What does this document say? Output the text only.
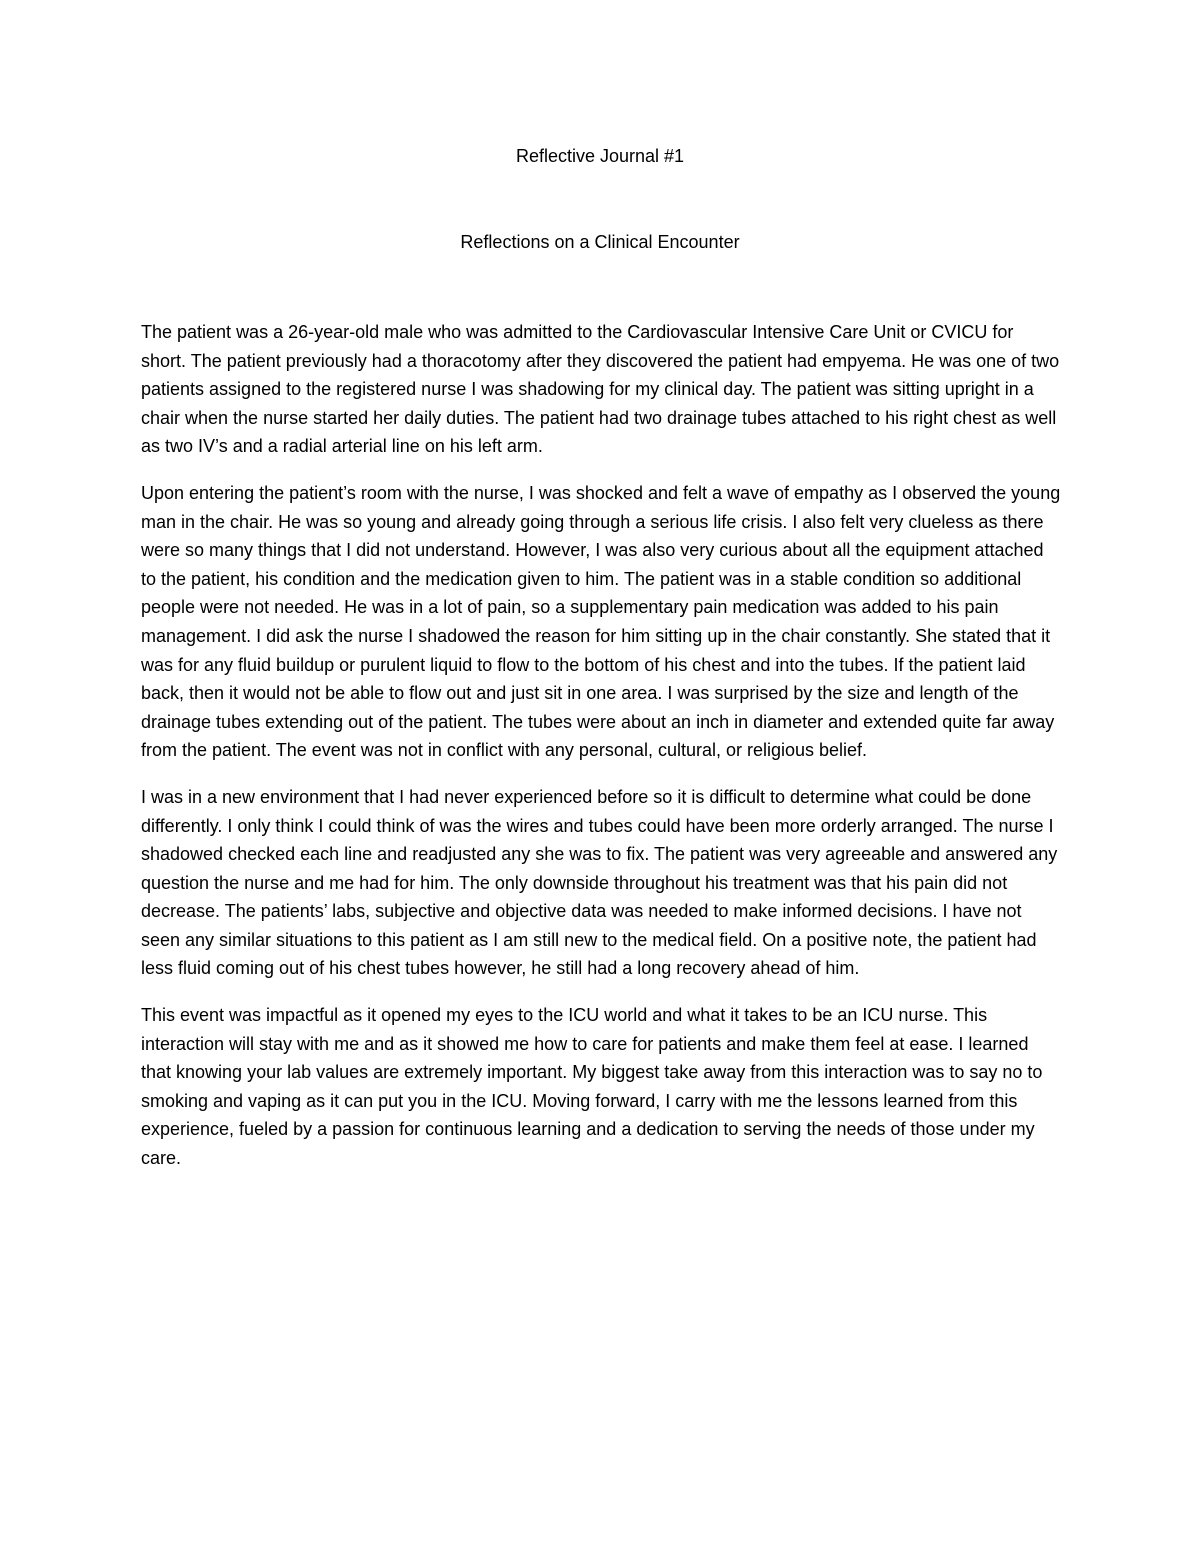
Reflective Journal #1
Reflections on a Clinical Encounter

The patient was a 26-year-old male who was admitted to the Cardiovascular Intensive Care Unit or CVICU for short. The patient previously had a thoracotomy after they discovered the patient had empyema. He was one of two patients assigned to the registered nurse I was shadowing for my clinical day. The patient was sitting upright in a chair when the nurse started her daily duties. The patient had two drainage tubes attached to his right chest as well as two IV’s and a radial arterial line on his left arm.

Upon entering the patient’s room with the nurse, I was shocked and felt a wave of empathy as I observed the young man in the chair. He was so young and already going through a serious life crisis. I also felt very clueless as there were so many things that I did not understand. However, I was also very curious about all the equipment attached to the patient, his condition and the medication given to him. The patient was in a stable condition so additional people were not needed. He was in a lot of pain, so a supplementary pain medication was added to his pain management. I did ask the nurse I shadowed the reason for him sitting up in the chair constantly. She stated that it was for any fluid buildup or purulent liquid to flow to the bottom of his chest and into the tubes. If the patient laid back, then it would not be able to flow out and just sit in one area. I was surprised by the size and length of the drainage tubes extending out of the patient. The tubes were about an inch in diameter and extended quite far away from the patient. The event was not in conflict with any personal, cultural, or religious belief.

I was in a new environment that I had never experienced before so it is difficult to determine what could be done differently. I only think I could think of was the wires and tubes could have been more orderly arranged. The nurse I shadowed checked each line and readjusted any she was to fix. The patient was very agreeable and answered any question the nurse and me had for him. The only downside throughout his treatment was that his pain did not decrease. The patients’ labs, subjective and objective data was needed to make informed decisions. I have not seen any similar situations to this patient as I am still new to the medical field. On a positive note, the patient had less fluid coming out of his chest tubes however, he still had a long recovery ahead of him.

This event was impactful as it opened my eyes to the ICU world and what it takes to be an ICU nurse. This interaction will stay with me and as it showed me how to care for patients and make them feel at ease. I learned that knowing your lab values are extremely important. My biggest take away from this interaction was to say no to smoking and vaping as it can put you in the ICU. Moving forward, I carry with me the lessons learned from this experience, fueled by a passion for continuous learning and a dedication to serving the needs of those under my care.
